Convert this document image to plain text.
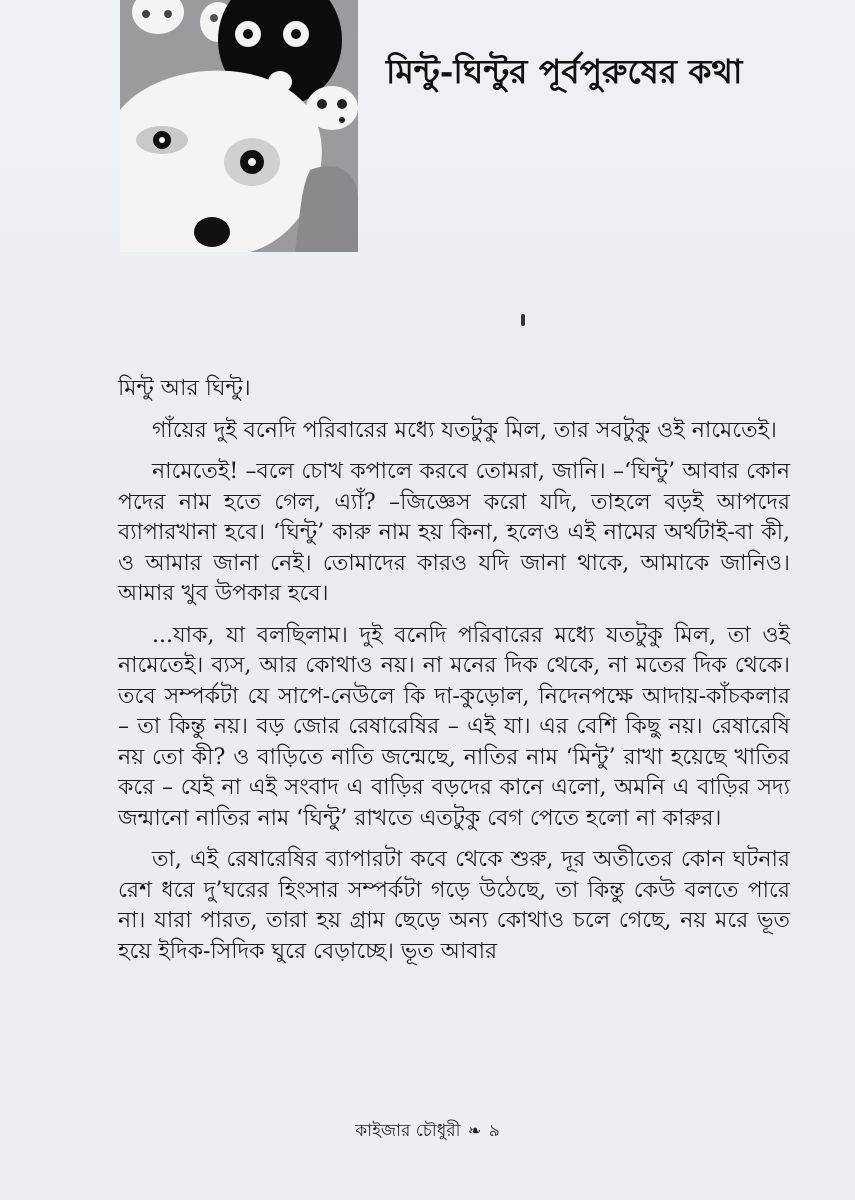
মিন্টু-ঘিন্টুর পূর্বপুরুষের কথা

মিন্টু আর ঘিন্টু।

গাঁয়ের দুই বনেদি পরিবারের মধ্যে যতটুকু মিল, তার সবটুকু ওই নামেতেই।

নামেতেই! –বলে চোখ কপালে করবে তোমরা, জানি। –‘ঘিন্টু’ আবার কোন পদের নাম হতে গেল, এ্যাঁ? –জিজ্ঞেস করো যদি, তাহলে বড়ই আপদের ব্যাপারখানা হবে। ‘ঘিন্টু’ কারু নাম হয় কিনা, হলেও এই নামের অর্থটাই-বা কী, ও আমার জানা নেই। তোমাদের কারও যদি জানা থাকে, আমাকে জানিও। আমার খুব উপকার হবে।

...যাক, যা বলছিলাম। দুই বনেদি পরিবারের মধ্যে যতটুকু মিল, তা ওই নামেতেই। ব্যস, আর কোথাও নয়। না মনের দিক থেকে, না মতের দিক থেকে। তবে সম্পর্কটা যে সাপে-নেউলে কি দা-কুড়োল, নিদেনপক্ষে আদায়-কাঁচকলার – তা কিন্তু নয়। বড় জোর রেষারেষির – এই যা। এর বেশি কিছু নয়। রেষারেষি নয় তো কী? ও বাড়িতে নাতি জন্মেছে, নাতির নাম ‘মিন্টু’ রাখা হয়েছে খাতির করে – যেই না এই সংবাদ এ বাড়ির বড়দের কানে এলো, অমনি এ বাড়ির সদ্য জন্মানো নাতির নাম ‘ঘিন্টু’ রাখতে এতটুকু বেগ পেতে হলো না কারুর।

তা, এই রেষারেষির ব্যাপারটা কবে থেকে শুরু, দূর অতীতের কোন ঘটনার রেশ ধরে দু’ঘরের হিংসার সম্পর্কটা গড়ে উঠেছে, তা কিন্তু কেউ বলতে পারে না। যারা পারত, তারা হয় গ্রাম ছেড়ে অন্য কোথাও চলে গেছে, নয় মরে ভূত হয়ে ইদিক-সিদিক ঘুরে বেড়াচ্ছে। ভূত আবার

কাইজার চৌধুরী ❧ ৯
